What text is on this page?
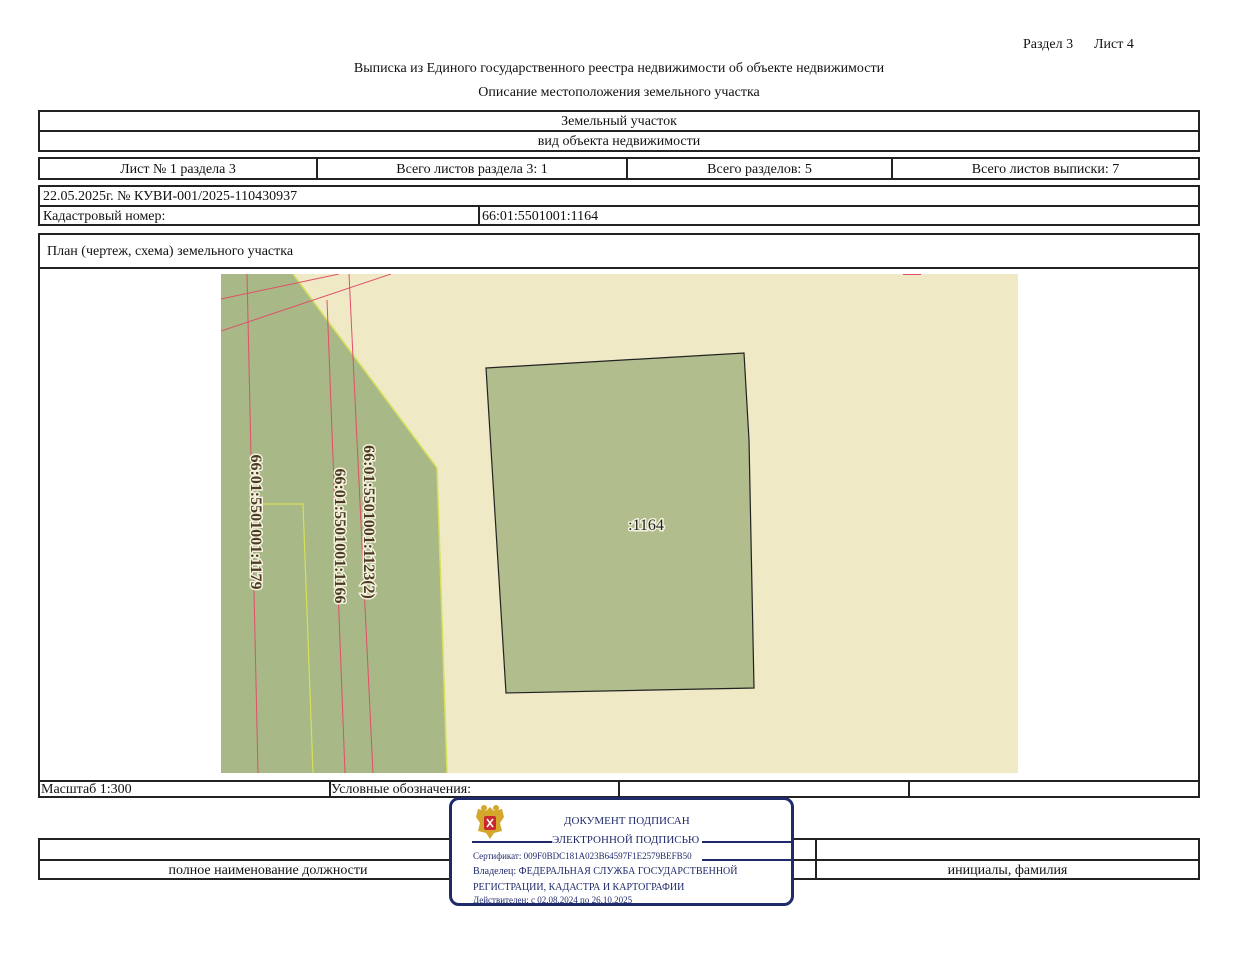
Раздел 3 Лист 4
Выписка из Единого государственного реестра недвижимости об объекте недвижимости
Описание местоположения земельного участка
Земельный участок
вид объекта недвижимости
Лист № 1 раздела 3	Всего листов раздела 3: 1	Всего разделов: 5	Всего листов выписки: 7
22.05.2025г. № КУВИ-001/2025-110430937
Кадастровый номер:	66:01:5501001:1164
План (чертеж, схема) земельного участка
Масштаб 1:300	Условные обозначения:
:1164
66:01:5501001:1179	66:01:5501001:1166 66:01:5501001:1123(2)
полное наименование должности	инициалы, фамилия
ДОКУМЕНТ ПОДПИСАН
ЭЛЕКТРОННОЙ ПОДПИСЬЮ
Сертификат: 009F0BDC181A023B64597F1E2579BEFB50
Владелец: ФЕДЕРАЛЬНАЯ СЛУЖБА ГОСУДАРСТВЕННОЙ
РЕГИСТРАЦИИ, КАДАСТРА И КАРТОГРАФИИ
Действителен: с 02.08.2024 по 26.10.2025
